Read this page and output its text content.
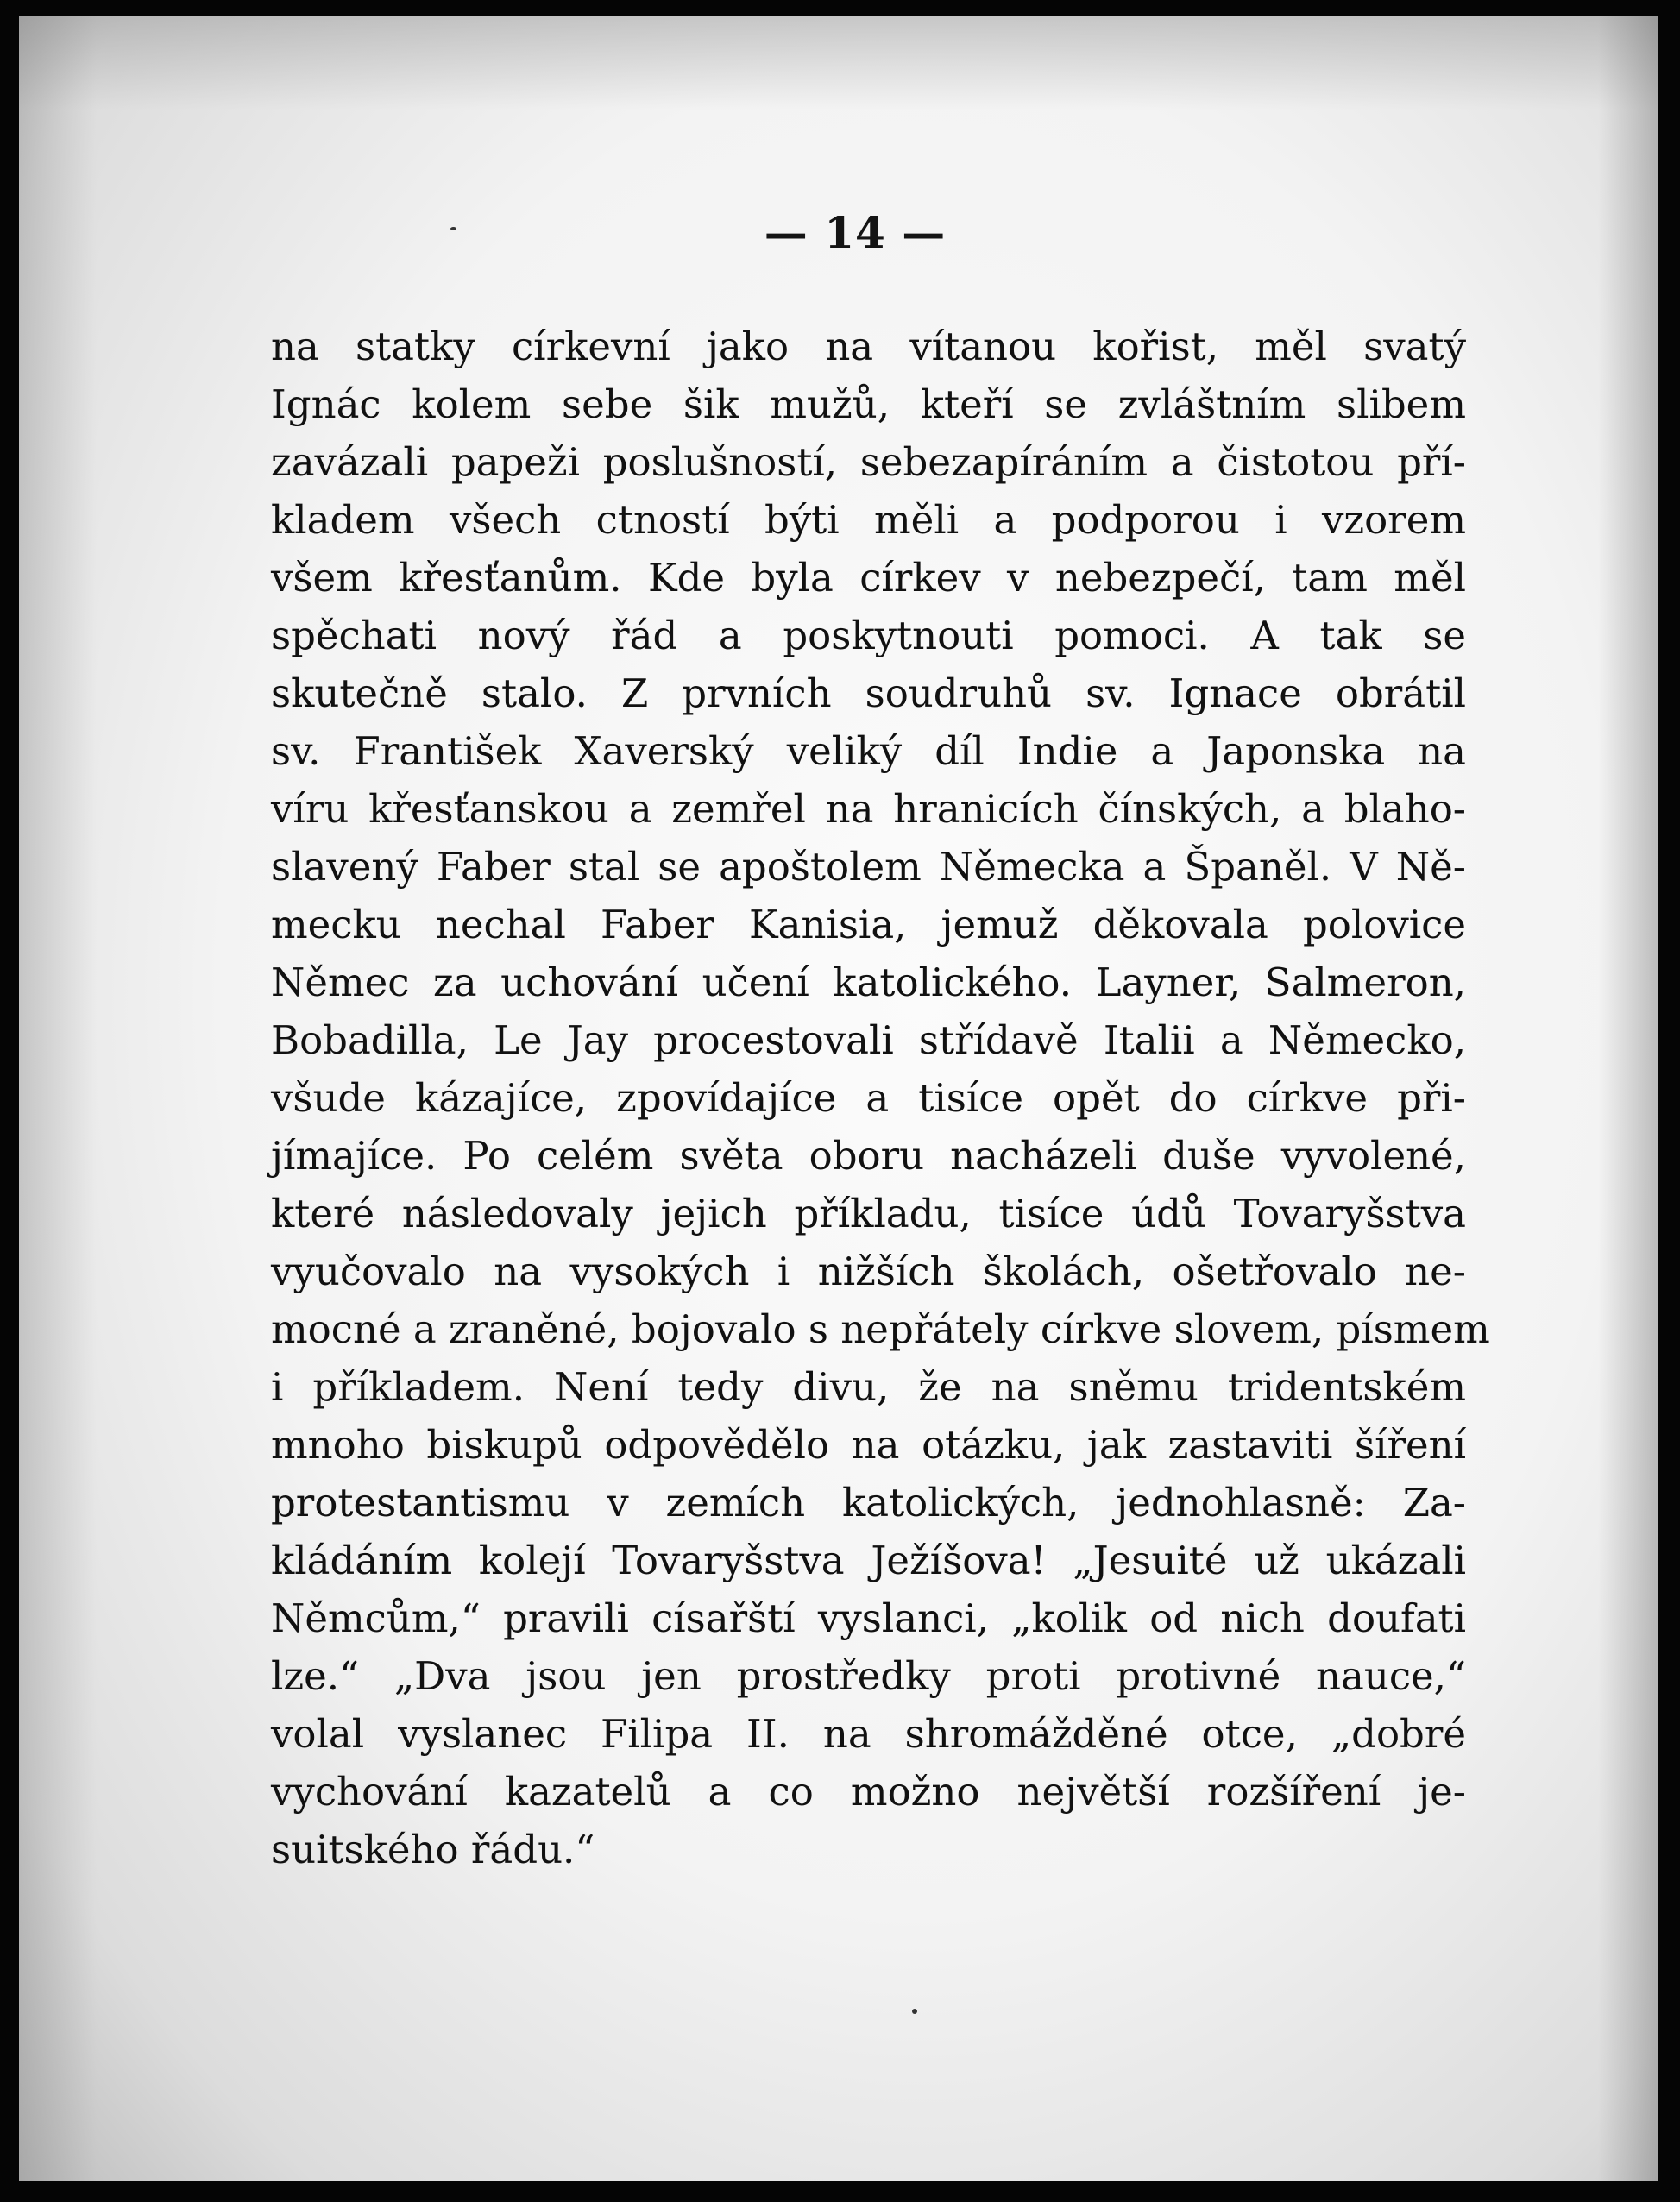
— 14 —
na statky církevní jako na vítanou kořist, měl svatý
Ignác kolem sebe šik mužů, kteří se zvláštním slibem
zavázali papeži poslušností, sebezapíráním a čistotou pří-
kladem všech ctností býti měli a podporou i vzorem
všem křesťanům. Kde byla církev v nebezpečí, tam měl
spěchati nový řád a poskytnouti pomoci. A tak se
skutečně stalo. Z prvních soudruhů sv. Ignace obrátil
sv. František Xaverský veliký díl Indie a Japonska na
víru křesťanskou a zemřel na hranicích čínských, a blaho-
slavený Faber stal se apoštolem Německa a Španěl. V Ně-
mecku nechal Faber Kanisia, jemuž děkovala polovice
Němec za uchování učení katolického. Layner, Salmeron,
Bobadilla, Le Jay procestovali střídavě Italii a Německo,
všude kázajíce, zpovídajíce a tisíce opět do církve při-
jímajíce. Po celém světa oboru nacházeli duše vyvolené,
které následovaly jejich příkladu, tisíce údů Tovaryšstva
vyučovalo na vysokých i nižších školách, ošetřovalo ne-
mocné a zraněné, bojovalo s nepřátely církve slovem, písmem
i příkladem. Není tedy divu, že na sněmu tridentském
mnoho biskupů odpovědělo na otázku, jak zastaviti šíření
protestantismu v zemích katolických, jednohlasně: Za-
kládáním kolejí Tovaryšstva Ježíšova! „Jesuité už ukázali
Němcům,“ pravili císařští vyslanci, „kolik od nich doufati
lze.“ „Dva jsou jen prostředky proti protivné nauce,“
volal vyslanec Filipa II. na shromážděné otce, „dobré
vychování kazatelů a co možno největší rozšíření je-
suitského řádu.“
